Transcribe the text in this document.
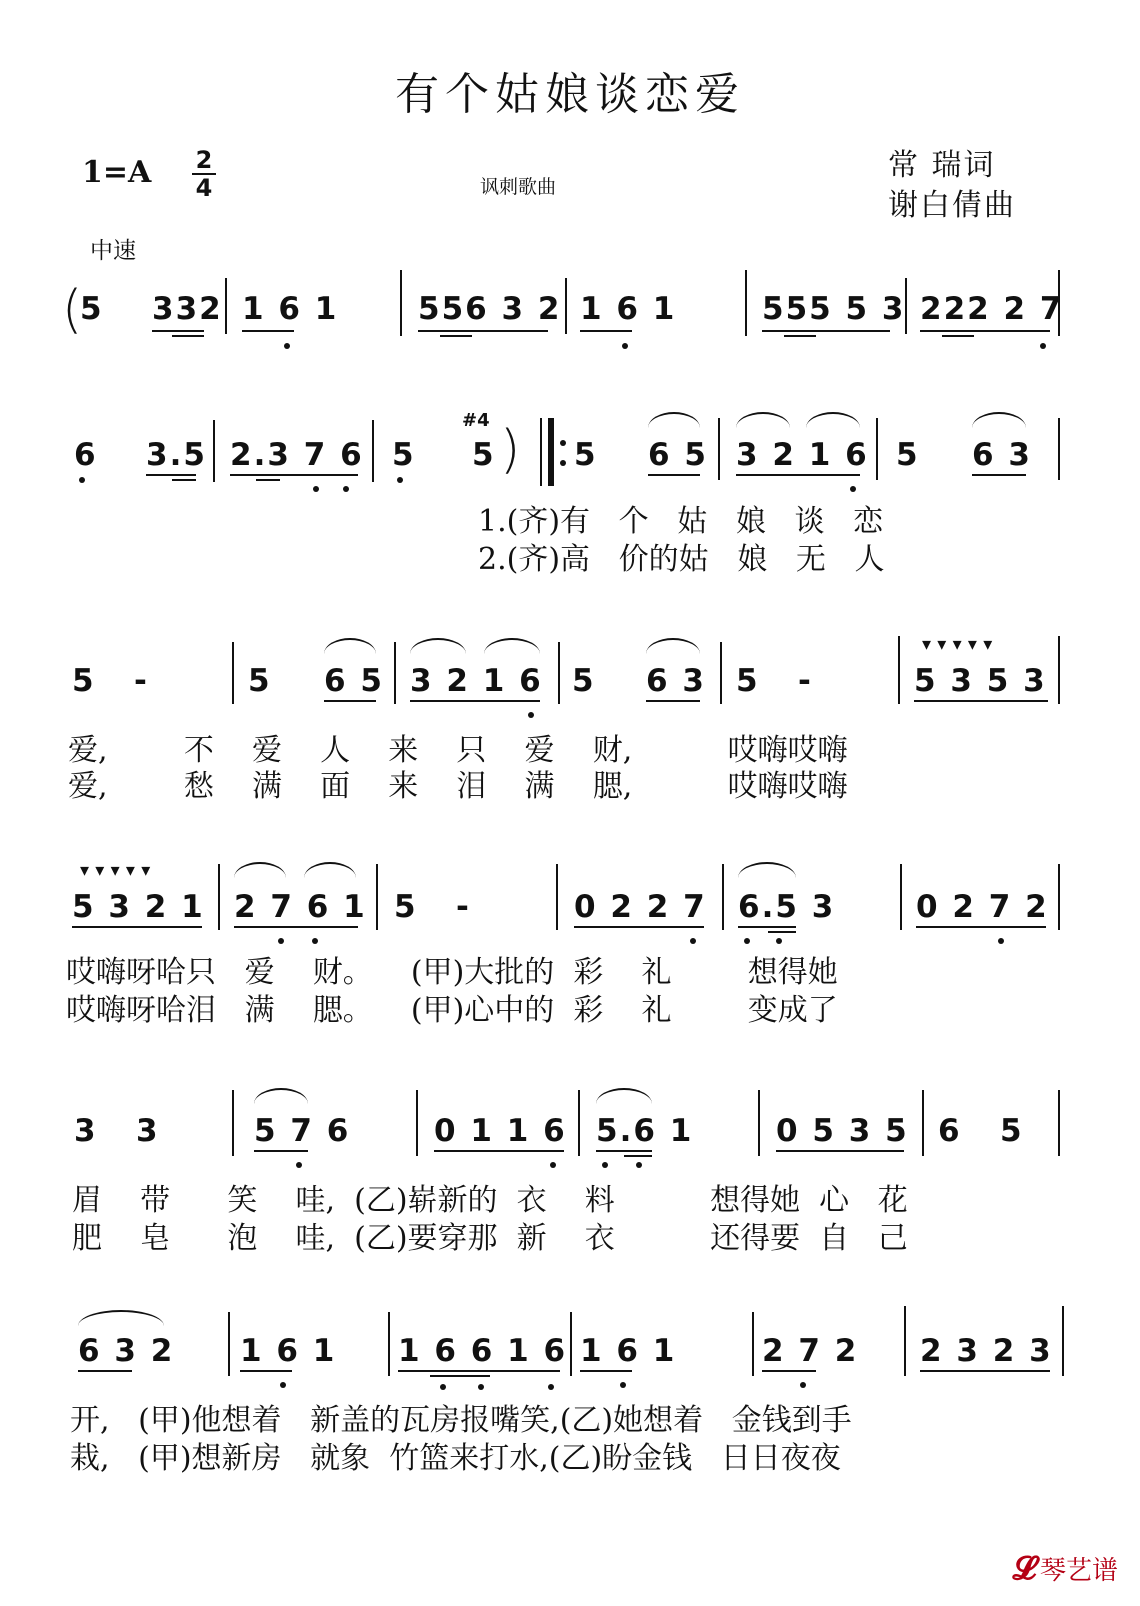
有个姑娘谈恋爱
1=A 2
4	讽刺歌曲
常 瑞词
谢白倩曲
中速
(
5 332 1 6 1	556 3 2 1 6 1	555 5 3 222 2 7
6 3.5 2.3 7 6 5
#4
5 ) 5 6 5 3 2 1 6 5 6 3
1.(齐)有   个   姑   娘   谈   恋
2.(齐)高   价的姑   娘   无   人
5   -	5 6 5 3 2 1 6 5 6 3 5   -
▾ ▾ ▾ ▾ ▾
5 3 5 3
爱,        不    爱    人    来    只    爱    财,          哎嗨哎嗨
爱,        愁    满    面    来    泪    满    腮,          哎嗨哎嗨
▾ ▾ ▾ ▾ ▾
5 3 2 1 2 7 6 1 5   -	0 2 2 7 6.5 3	0 2 7 2
哎嗨呀哈只   爱    财。    (甲)大批的  彩    礼        想得她
哎嗨呀哈泪   满    腮。    (甲)心中的  彩    礼        变成了
3   3	5 7 6	0 1 1 6 5.6 1	0 5 3 5 6   5
眉    带      笑    哇,  (乙)崭新的  衣    料          想得她  心   花
肥    皂      泡    哇,  (乙)要穿那  新    衣          还得要  自   己
6 3 2 1 6 1 1 6 6 1 6 1 6 1	2 7 2 2 3 2 3
开,   (甲)他想着   新盖的瓦房报嘴笑,(乙)她想着   金钱到手
栽,   (甲)想新房   就象  竹篮来打水,(乙)盼金钱   日日夜夜
𝓛 琴艺谱
